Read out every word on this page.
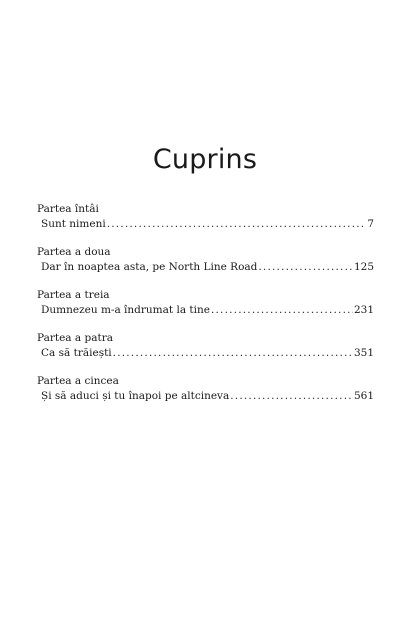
Cuprins
Partea întâi
Sunt nimeni .....	7
Partea a doua
Dar în noaptea asta, pe North Line Road .....	125
Partea a treia
Dumnezeu m-a îndrumat la tine .....	231
Partea a patra
Ca să trăiești .....	351
Partea a cincea
Și să aduci și tu înapoi pe altcineva .....	561
